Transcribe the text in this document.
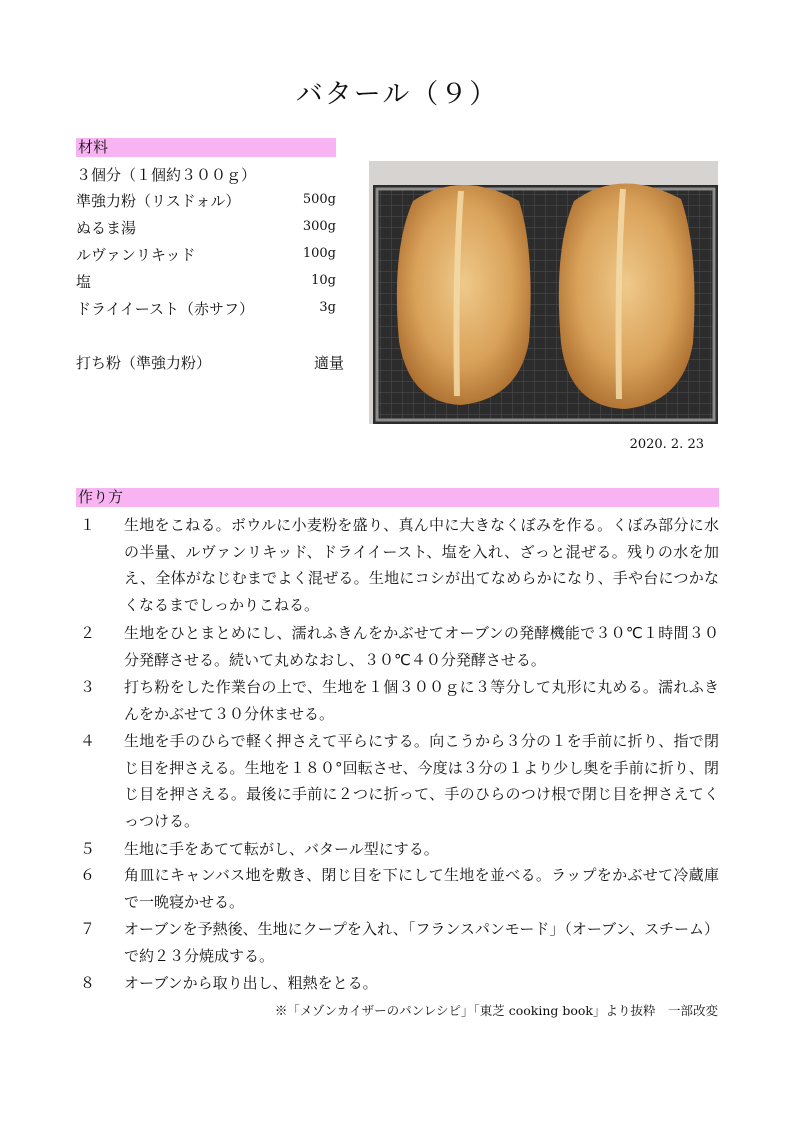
バタール（９）
材料
３個分（１個約３００ｇ）
準強力粉（リスドォル）	500g
ぬるま湯	300g
ルヴァンリキッド	100g
塩	10g
ドライイースト（赤サフ）	3g
打ち粉（準強力粉）	適量
2020. 2. 23
作り方
１ 生地をこねる。ボウルに小麦粉を盛り、真ん中に大きなくぼみを作る。くぼみ部分に水の半量、ルヴァンリキッド、ドライイースト、塩を入れ、ざっと混ぜる。残りの水を加え、全体がなじむまでよく混ぜる。生地にコシが出てなめらかになり、手や台につかなくなるまでしっかりこねる。
２ 生地をひとまとめにし、濡れふきんをかぶせてオーブンの発酵機能で３０℃１時間３０分発酵させる。続いて丸めなおし、３０℃４０分発酵させる。
３ 打ち粉をした作業台の上で、生地を１個３００ｇに３等分して丸形に丸める。濡れふきんをかぶせて３０分休ませる。
４ 生地を手のひらで軽く押さえて平らにする。向こうから３分の１を手前に折り、指で閉じ目を押さえる。生地を１８０°回転させ、今度は３分の１より少し奥を手前に折り、閉じ目を押さえる。最後に手前に２つに折って、手のひらのつけ根で閉じ目を押さえてくっつける。
５ 生地に手をあてて転がし、バタール型にする。
６ 角皿にキャンバス地を敷き、閉じ目を下にして生地を並べる。ラップをかぶせて冷蔵庫で一晩寝かせる。
７ オーブンを予熱後、生地にクープを入れ、「フランスパンモード」（オーブン、スチーム）で約２３分焼成する。
８ オーブンから取り出し、粗熱をとる。
※「メゾンカイザーのパンレシピ」「東芝 cooking book」より抜粋　一部改変
